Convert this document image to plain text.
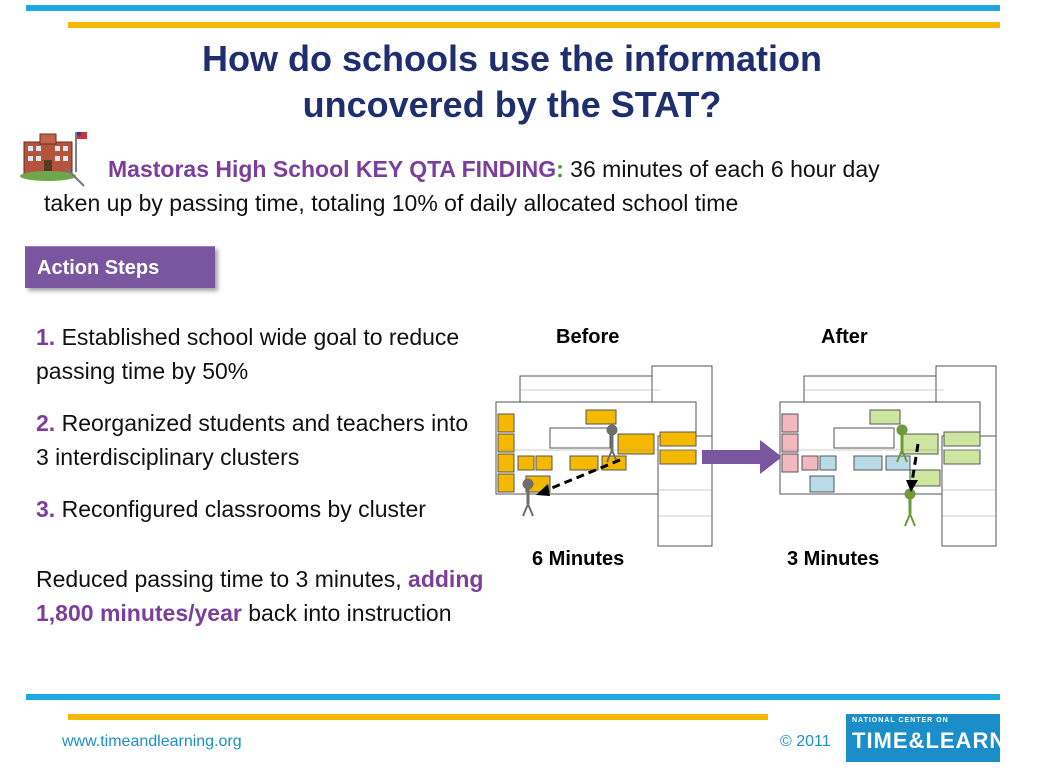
How do schools use the information
uncovered by the STAT?
Mastoras High School KEY QTA FINDING: 36 minutes of each 6 hour day
taken up by passing time, totaling 10% of daily allocated school time
Action Steps
1. Established school wide goal to reduce passing time by 50%
2. Reorganized students and teachers into 3 interdisciplinary clusters
3. Reconfigured classrooms by cluster
Reduced passing time to 3 minutes, adding 1,800 minutes/year back into instruction
Before	After
6 Minutes	3 Minutes
www.timeandlearning.org	© 2011
NATIONAL CENTER ON
TIME&LEARNING
